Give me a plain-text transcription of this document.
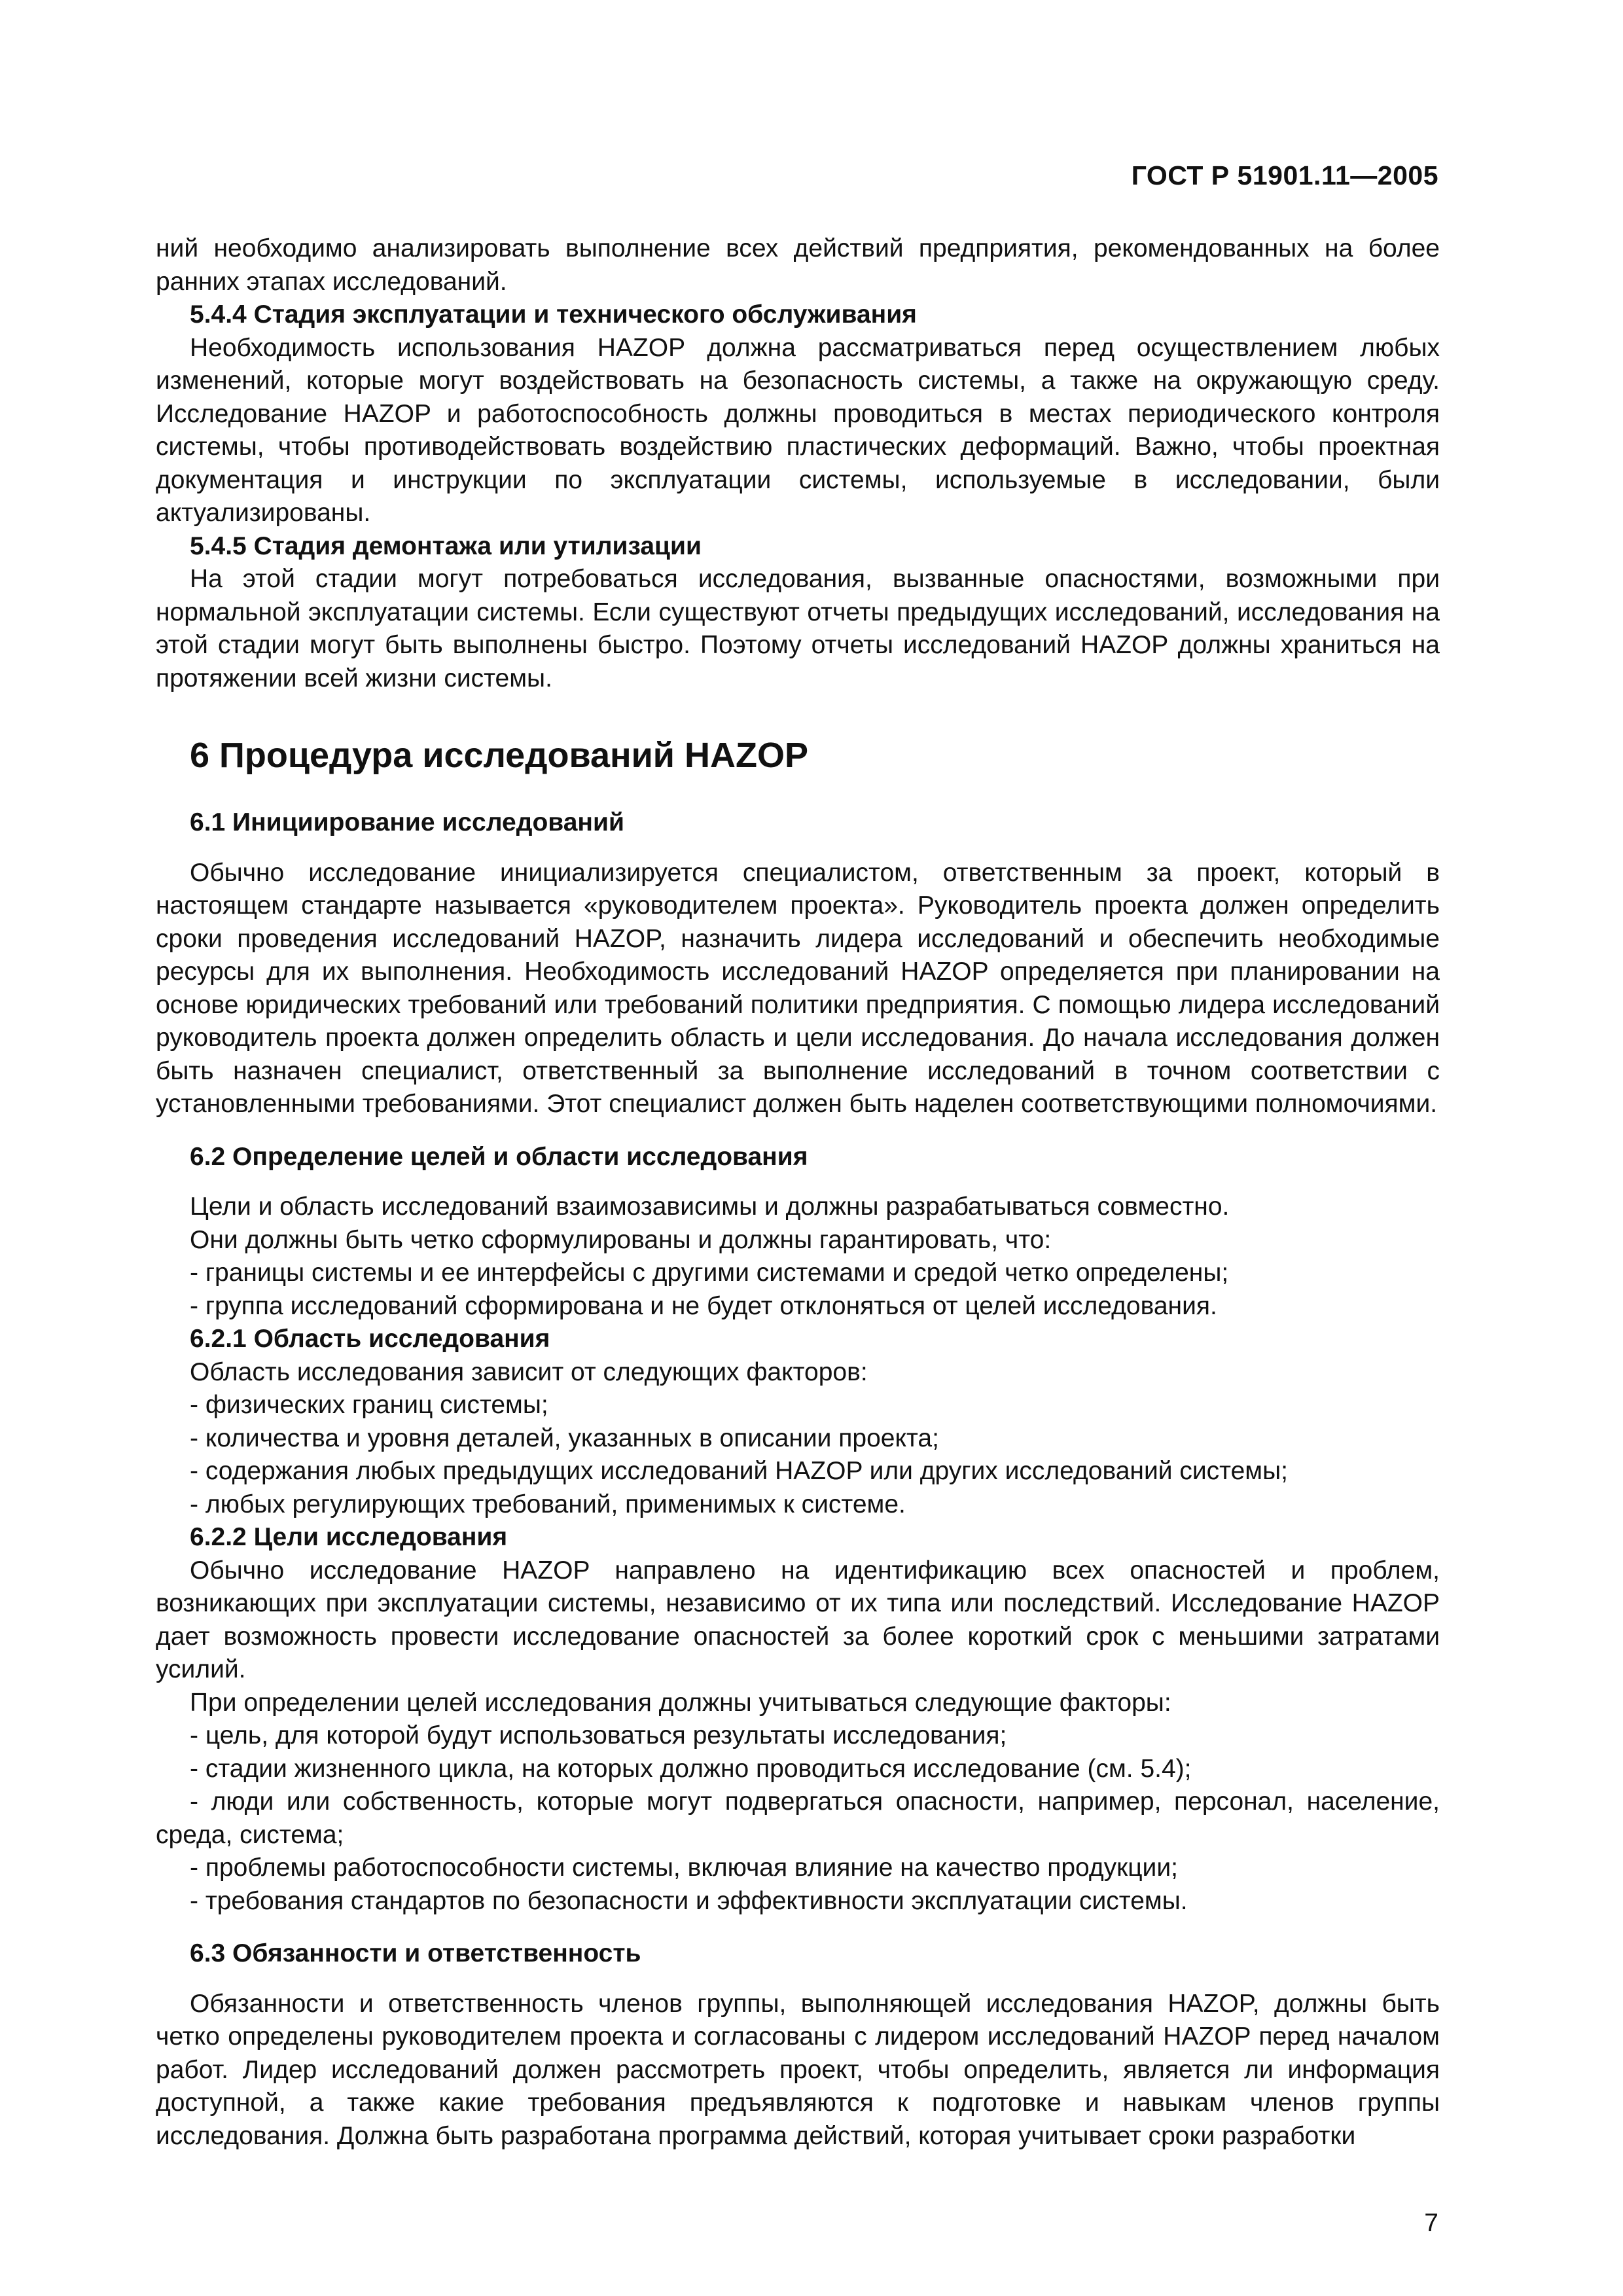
ГОСТ Р 51901.11—2005

ний необходимо анализировать выполнение всех действий предприятия, рекомендованных на более ранних этапах исследований.

5.4.4 Стадия эксплуатации и технического обслуживания

Необходимость использования HAZOP должна рассматриваться перед осуществлением любых изменений, которые могут воздействовать на безопасность системы, а также на окружающую среду. Исследование HAZOP и работоспособность должны проводиться в местах периодического контроля системы, чтобы противодействовать воздействию пластических деформаций. Важно, чтобы проектная документация и инструкции по эксплуатации системы, используемые в исследовании, были актуализированы.

5.4.5 Стадия демонтажа или утилизации

На этой стадии могут потребоваться исследования, вызванные опасностями, возможными при нормальной эксплуатации системы. Если существуют отчеты предыдущих исследований, исследования на этой стадии могут быть выполнены быстро. Поэтому отчеты исследований HAZOP должны храниться на протяжении всей жизни системы.

6 Процедура исследований HAZOP

6.1 Инициирование исследований

Обычно исследование инициализируется специалистом, ответственным за проект, который в настоящем стандарте называется «руководителем проекта». Руководитель проекта должен определить сроки проведения исследований HAZOP, назначить лидера исследований и обеспечить необходимые ресурсы для их выполнения. Необходимость исследований HAZOP определяется при планировании на основе юридических требований или требований политики предприятия. С помощью лидера исследований руководитель проекта должен определить область и цели исследования. До начала исследования должен быть назначен специалист, ответственный за выполнение исследований в точном соответствии с установленными требованиями. Этот специалист должен быть наделен соответствующими полномочиями.

6.2 Определение целей и области исследования

Цели и область исследований взаимозависимы и должны разрабатываться совместно.

Они должны быть четко сформулированы и должны гарантировать, что:

- границы системы и ее интерфейсы с другими системами и средой четко определены;

- группа исследований сформирована и не будет отклоняться от целей исследования.

6.2.1 Область исследования

Область исследования зависит от следующих факторов:

- физических границ системы;

- количества и уровня деталей, указанных в описании проекта;

- содержания любых предыдущих исследований HAZOP или других исследований системы;

- любых регулирующих требований, применимых к системе.

6.2.2 Цели исследования

Обычно исследование HAZOP направлено на идентификацию всех опасностей и проблем, возникающих при эксплуатации системы, независимо от их типа или последствий. Исследование HAZOP дает возможность провести исследование опасностей за более короткий срок с меньшими затратами усилий.

При определении целей исследования должны учитываться следующие факторы:

- цель, для которой будут использоваться результаты исследования;

- стадии жизненного цикла, на которых должно проводиться исследование (см. 5.4);

- люди или собственность, которые могут подвергаться опасности, например, персонал, население, среда, система;

- проблемы работоспособности системы, включая влияние на качество продукции;

- требования стандартов по безопасности и эффективности эксплуатации системы.

6.3 Обязанности и ответственность

Обязанности и ответственность членов группы, выполняющей исследования HAZOP, должны быть четко определены руководителем проекта и согласованы с лидером исследований HAZOP перед началом работ. Лидер исследований должен рассмотреть проект, чтобы определить, является ли информация доступной, а также какие требования предъявляются к подготовке и навыкам членов группы исследования. Должна быть разработана программа действий, которая учитывает сроки разработки

7
